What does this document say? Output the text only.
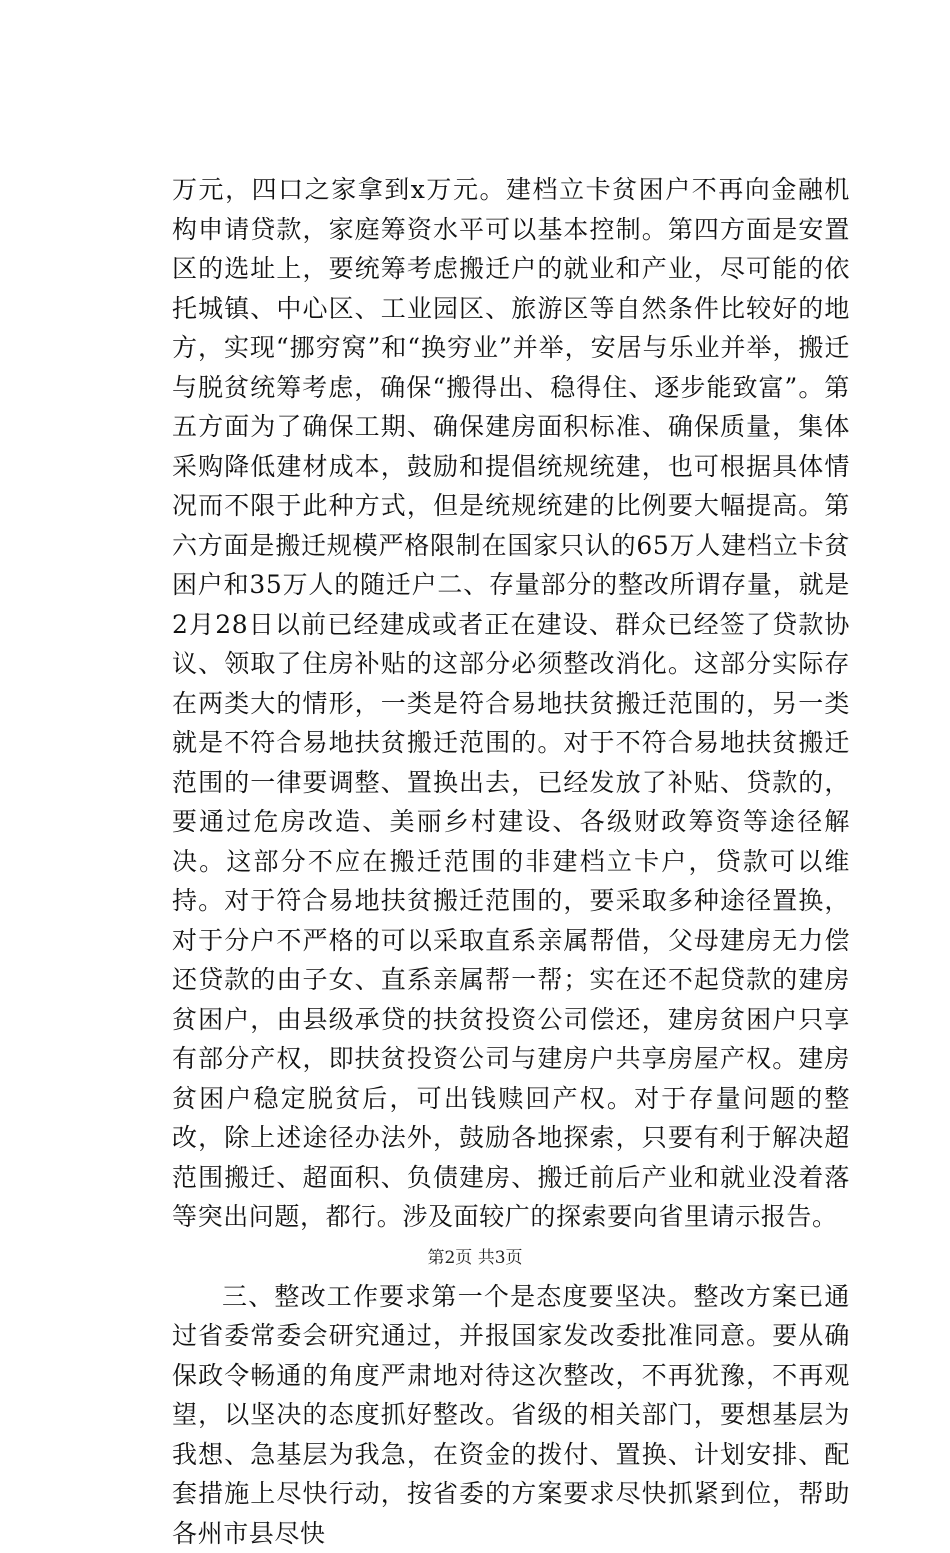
万元，四口之家拿到x万元。建档立卡贫困户不再向金融机构申请贷款，家庭筹资水平可以基本控制。第四方面是安置区的选址上，要统筹考虑搬迁户的就业和产业，尽可能的依托城镇、中心区、工业园区、旅游区等自然条件比较好的地方，实现“挪穷窝”和“换穷业”并举，安居与乐业并举，搬迁与脱贫统筹考虑，确保“搬得出、稳得住、逐步能致富”。第五方面为了确保工期、确保建房面积标准、确保质量，集体采购降低建材成本，鼓励和提倡统规统建，也可根据具体情况而不限于此种方式，但是统规统建的比例要大幅提高。第六方面是搬迁规模严格限制在国家只认的65万人建档立卡贫困户和35万人的随迁户二、存量部分的整改所谓存量，就是2月28日以前已经建成或者正在建设、群众已经签了贷款协议、领取了住房补贴的这部分必须整改消化。这部分实际存在两类大的情形，一类是符合易地扶贫搬迁范围的，另一类就是不符合易地扶贫搬迁范围的。对于不符合易地扶贫搬迁范围的一律要调整、置换出去，已经发放了补贴、贷款的，要通过危房改造、美丽乡村建设、各级财政筹资等途径解决。这部分不应在搬迁范围的非建档立卡户，贷款可以维持。对于符合易地扶贫搬迁范围的，要采取多种途径置换，对于分户不严格的可以采取直系亲属帮借，父母建房无力偿还贷款的由子女、直系亲属帮一帮；实在还不起贷款的建房贫困户，由县级承贷的扶贫投资公司偿还，建房贫困户只享有部分产权，即扶贫投资公司与建房户共享房屋产权。建房贫困户稳定脱贫后，可出钱赎回产权。对于存量问题的整改，除上述途径办法外，鼓励各地探索，只要有利于解决超范围搬迁、超面积、负债建房、搬迁前后产业和就业没着落等突出问题，都行。涉及面较广的探索要向省里请示报告。

三、整改工作要求第一个是态度要坚决。整改方案已通过省委常委会研究通过，并报国家发改委批准同意。要从确保政令畅通的角度严肃地对待这次整改，不再犹豫，不再观望，以坚决的态度抓好整改。省级的相关部门，要想基层为我想、急基层为我急，在资金的拨付、置换、计划安排、配套措施上尽快行动，按省委的方案要求尽快抓紧到位，帮助各州市县尽快

第2页 共3页
